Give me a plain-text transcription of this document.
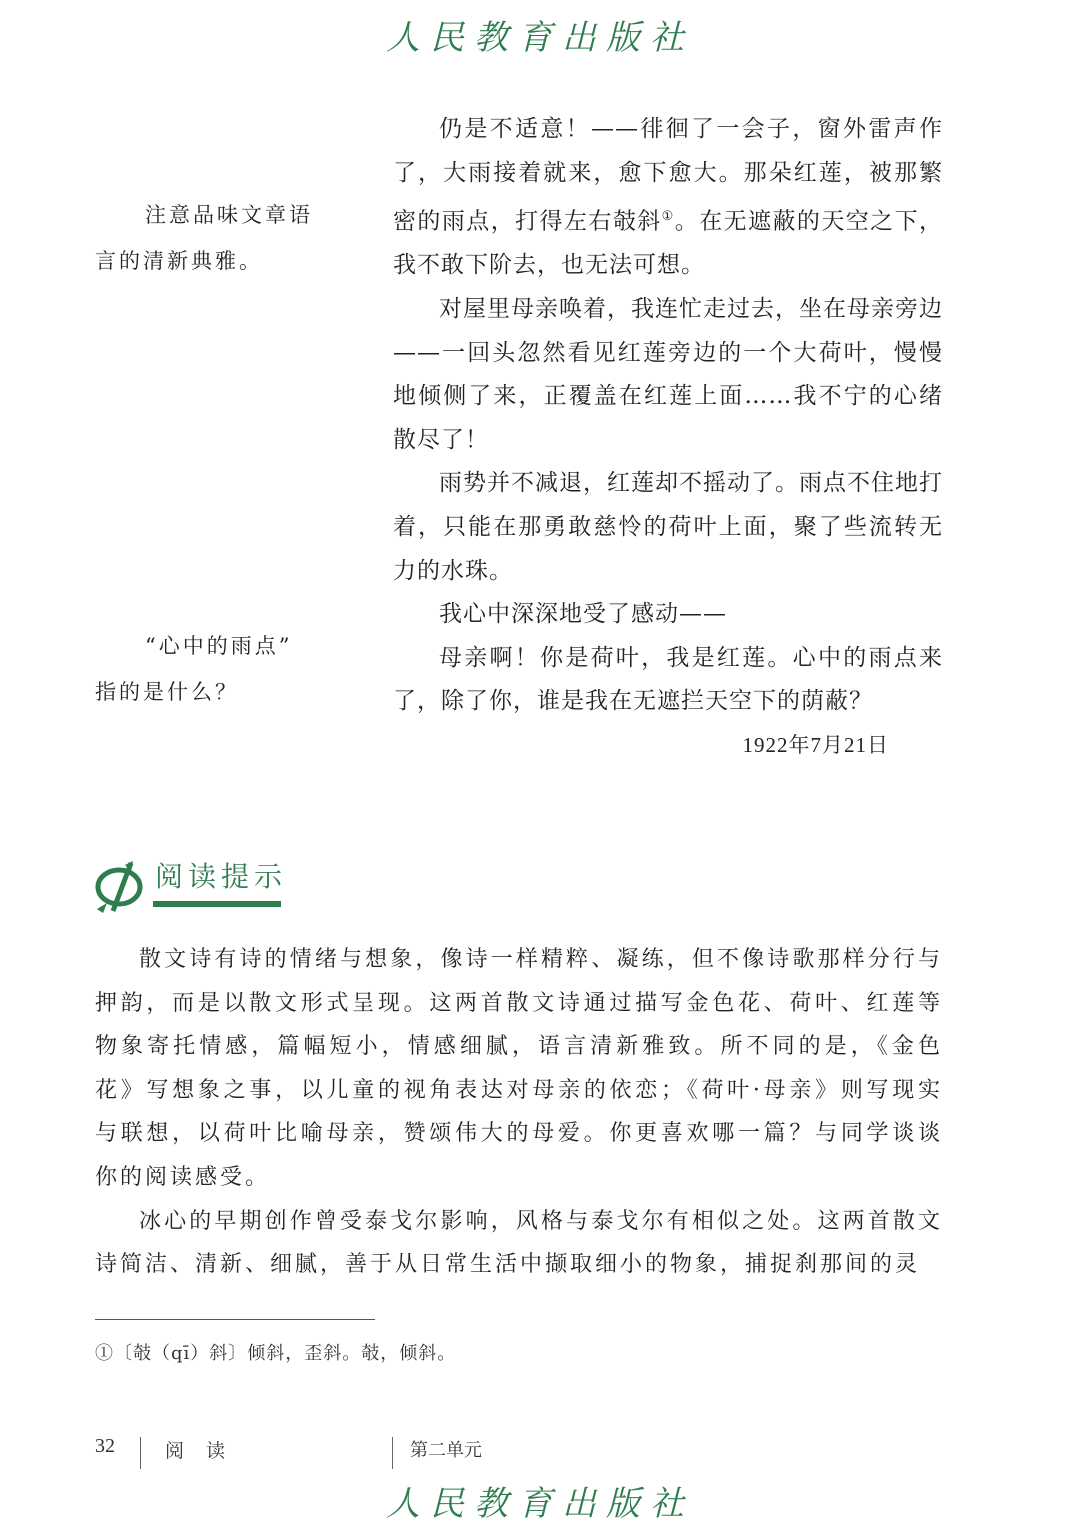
人民教育出版社
注意品味文章语
言的清新典雅。
“心中的雨点”
指的是什么？

仍是不适意！——徘徊了一会子，窗外雷声作了，大雨接着就来，愈下愈大。那朵红莲，被那繁密的雨点，打得左右攲斜①。在无遮蔽的天空之下，我不敢下阶去，也无法可想。

对屋里母亲唤着，我连忙走过去，坐在母亲旁边——一回头忽然看见红莲旁边的一个大荷叶，慢慢地倾侧了来，正覆盖在红莲上面……我不宁的心绪散尽了！

雨势并不减退，红莲却不摇动了。雨点不住地打着，只能在那勇敢慈怜的荷叶上面，聚了些流转无力的水珠。

我心中深深地受了感动——

母亲啊！你是荷叶，我是红莲。心中的雨点来了，除了你，谁是我在无遮拦天空下的荫蔽？

1922年7月21日

阅读提示

散文诗有诗的情绪与想象，像诗一样精粹、凝练，但不像诗歌那样分行与押韵，而是以散文形式呈现。这两首散文诗通过描写金色花、荷叶、红莲等物象寄托情感，篇幅短小，情感细腻，语言清新雅致。所不同的是，《金色花》写想象之事，以儿童的视角表达对母亲的依恋；《荷叶·母亲》则写现实与联想，以荷叶比喻母亲，赞颂伟大的母爱。你更喜欢哪一篇？与同学谈谈你的阅读感受。

冰心的早期创作曾受泰戈尔影响，风格与泰戈尔有相似之处。这两首散文诗简洁、清新、细腻，善于从日常生活中撷取细小的物象，捕捉刹那间的灵

①〔攲（qī）斜〕倾斜，歪斜。攲，倾斜。
32	阅 读	第二单元
人民教育出版社
